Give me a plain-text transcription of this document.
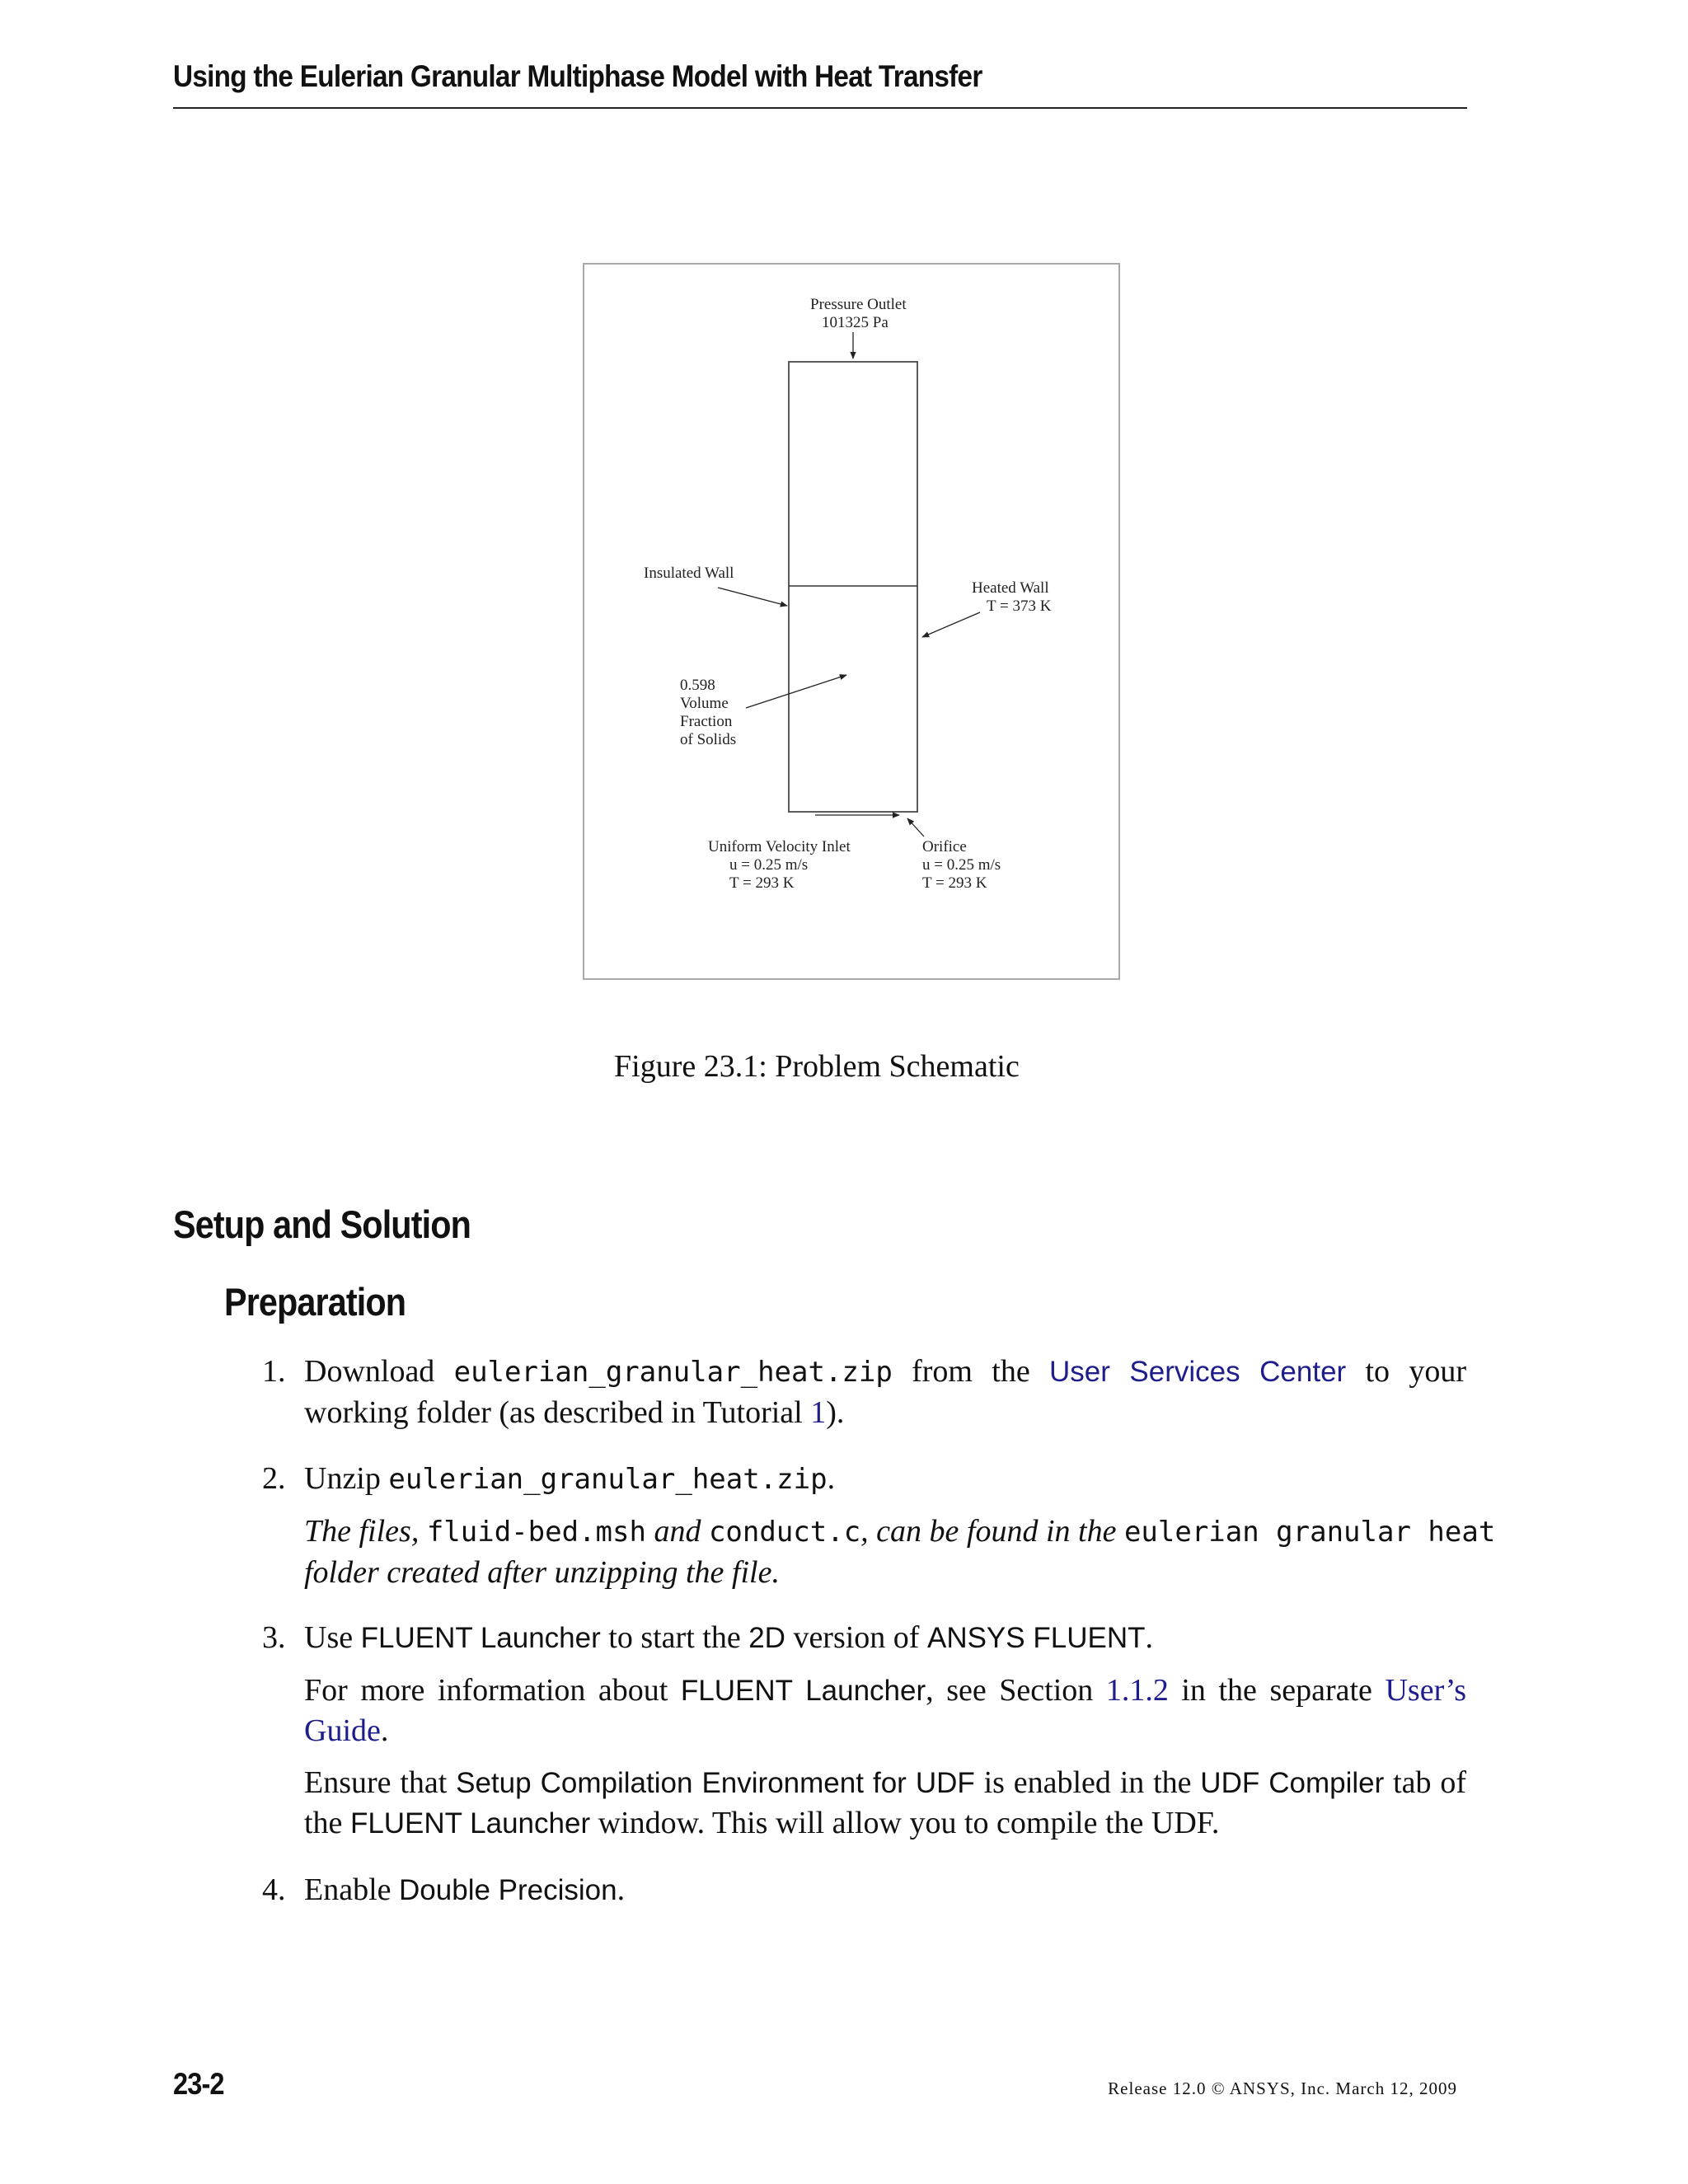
Using the Eulerian Granular Multiphase Model with Heat Transfer
Pressure Outlet
101325 Pa
Insulated Wall
Heated Wall
T = 373 K
0.598
Volume
Fraction
of Solids
Uniform Velocity Inlet
u = 0.25 m/s
T = 293 K
Orifice
u = 0.25 m/s
T = 293 K
Figure 23.1: Problem Schematic
Setup and Solution
Preparation
1. Download eulerian_granular_heat.zip from the User Services Center to your working folder (as described in Tutorial 1).
2. Unzip eulerian_granular_heat.zip.
The files, fluid-bed.msh and conduct.c, can be found in the eulerian granular heat
folder created after unzipping the file.
3. Use FLUENT Launcher to start the 2D version of ANSYS FLUENT.
For more information about FLUENT Launcher, see Section 1.1.2 in the separate User’s Guide.
Ensure that Setup Compilation Environment for UDF is enabled in the UDF Compiler tab of the FLUENT Launcher window. This will allow you to compile the UDF.
4. Enable Double Precision.
23-2	Release 12.0 © ANSYS, Inc. March 12, 2009
